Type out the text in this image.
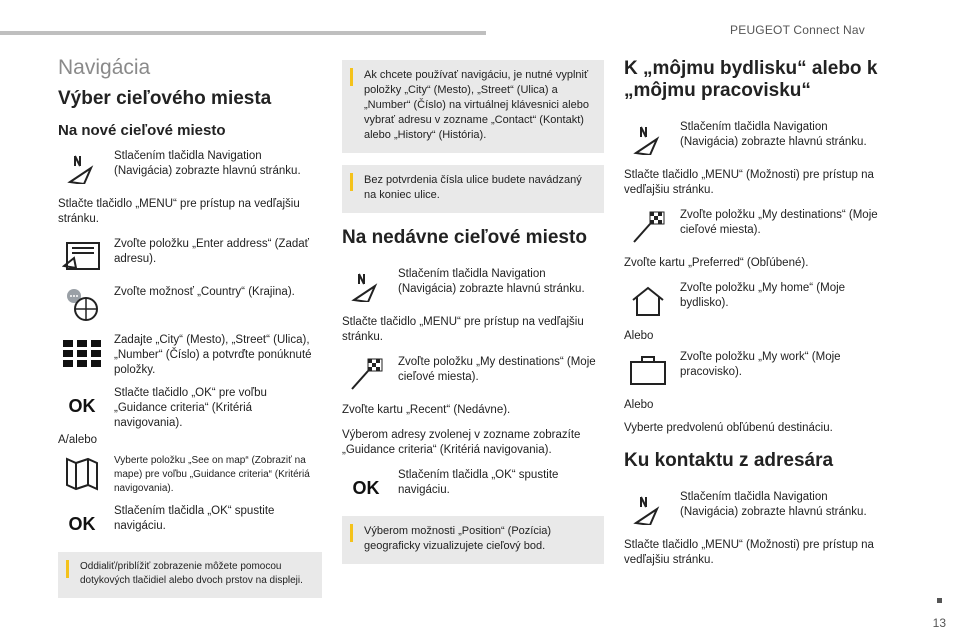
PEUGEOT Connect Nav
13
Navigácia
Výber cieľového miesta
Na nové cieľové miesto
Stlačením tlačidla Navigation (Navigácia) zobrazte hlavnú stránku.

Stlačte tlačidlo „MENU“ pre prístup na vedľajšiu stránku.

Zvoľte položku „Enter address“ (Zadať adresu).
Zvoľte možnosť „Country“ (Krajina).
Zadajte „City“ (Mesto), „Street“ (Ulica), „Number“ (Číslo) a potvrďte ponúknuté položky.
OK
Stlačte tlačidlo „OK“ pre voľbu „Guidance criteria“ (Kritériá navigovania).

A/alebo

Vyberte položku „See on map“ (Zobraziť na mape) pre voľbu „Guidance criteria“ (Kritériá navigovania).
OK
Stlačením tlačidla „OK“ spustite navigáciu.
Oddialiť/priblížiť zobrazenie môžete pomocou dotykových tlačidiel alebo dvoch prstov na displeji.
Ak chcete používať navigáciu, je nutné vyplniť položky „City“ (Mesto), „Street“ (Ulica) a „Number“ (Číslo) na virtuálnej klávesnici alebo vybrať adresu v zozname „Contact“ (Kontakt) alebo „History“ (História).
Bez potvrdenia čísla ulice budete navádzaný na koniec ulice.
Na nedávne cieľové miesto
Stlačením tlačidla Navigation (Navigácia) zobrazte hlavnú stránku.

Stlačte tlačidlo „MENU“ pre prístup na vedľajšiu stránku.

Zvoľte položku „My destinations“ (Moje cieľové miesta).

Zvoľte kartu „Recent“ (Nedávne).

Výberom adresy zvolenej v zozname zobrazíte „Guidance criteria“ (Kritériá navigovania).

OK
Stlačením tlačidla „OK“ spustite navigáciu.
Výberom možnosti „Position“ (Pozícia) geograficky vizualizujete cieľový bod.
K „môjmu bydlisku“ alebo k „môjmu pracovisku“
Stlačením tlačidla Navigation (Navigácia) zobrazte hlavnú stránku.

Stlačte tlačidlo „MENU“ (Možnosti) pre prístup na vedľajšiu stránku.

Zvoľte položku „My destinations“ (Moje cieľové miesta).

Zvoľte kartu „Preferred“ (Obľúbené).

Zvoľte položku „My home“ (Moje bydlisko).

Alebo

Zvoľte položku „My work“ (Moje pracovisko).

Alebo

Vyberte predvolenú obľúbenú destináciu.

Ku kontaktu z adresára
Stlačením tlačidla Navigation (Navigácia) zobrazte hlavnú stránku.

Stlačte tlačidlo „MENU“ (Možnosti) pre prístup na vedľajšiu stránku.
